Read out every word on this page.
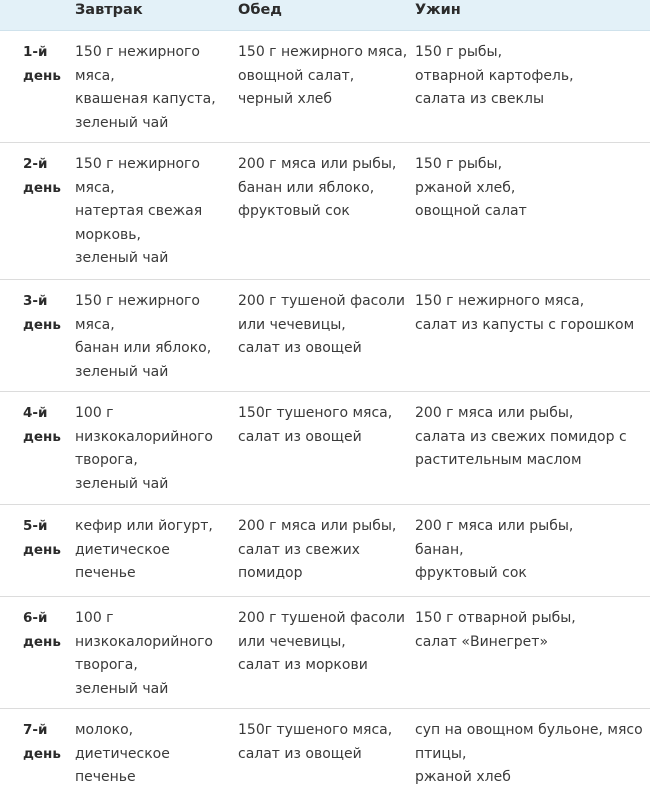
Завтрак	Обед	Ужин
1-й
день
150 г нежирного
мяса,
квашеная капуста,
зеленый чай
150 г нежирного мяса,
овощной салат,
черный хлеб
150 г рыбы,
отварной картофель,
салата из свеклы
2-й
день
150 г нежирного
мяса,
натертая свежая
морковь,
зеленый чай
200 г мяса или рыбы,
банан или яблоко,
фруктовый сок
150 г рыбы,
ржаной хлеб,
овощной салат
3-й
день
150 г нежирного
мяса,
банан или яблоко,
зеленый чай
200 г тушеной фасоли
или чечевицы,
салат из овощей
150 г нежирного мяса,
салат из капусты с горошком
4-й
день
100 г
низкокалорийного
творога,
зеленый чай
150г тушеного мяса,
салат из овощей
200 г мяса или рыбы,
салата из свежих помидор с
растительным маслом
5-й
день
кефир или йогурт,
диетическое
печенье
200 г мяса или рыбы,
салат из свежих
помидор
200 г мяса или рыбы,
банан,
фруктовый сок
6-й
день
100 г
низкокалорийного
творога,
зеленый чай
200 г тушеной фасоли
или чечевицы,
салат из моркови
150 г отварной рыбы,
салат «Винегрет»
7-й
день
молоко,
диетическое
печенье
150г тушеного мяса,
салат из овощей
суп на овощном бульоне, мясо
птицы,
ржаной хлеб
